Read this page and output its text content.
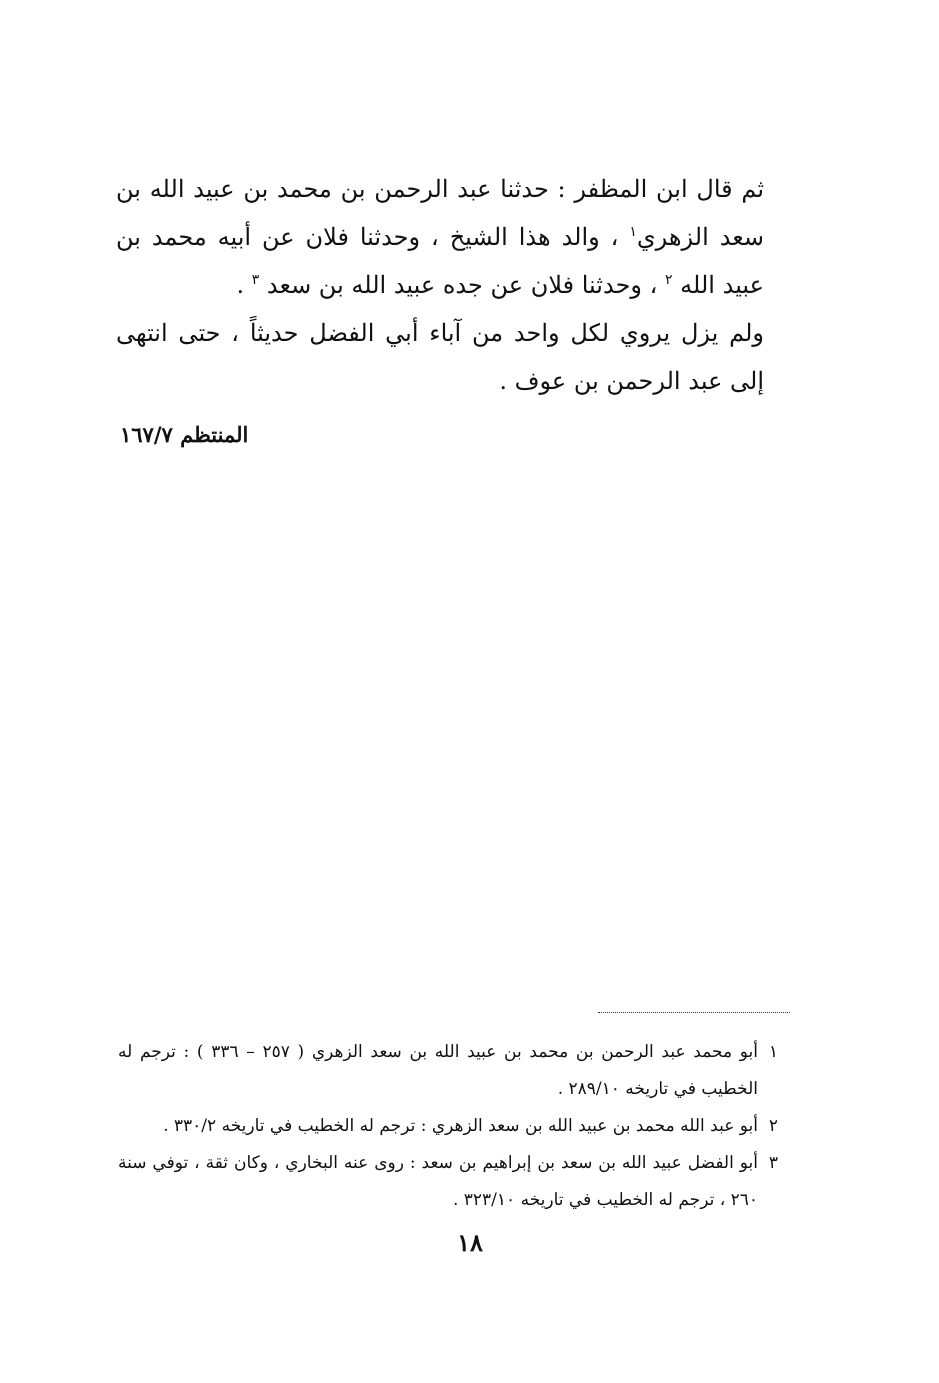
ثم قال ابن المظفر : حدثنا عبد الرحمن بن محمد بن عبيد الله بن سعد الزهري$^١$ ، والد هذا الشيخ ، وحدثنا فلان عن أبيه محمد بن عبيد الله $^٢$ ، وحدثنا فلان عن جده عبيد الله بن سعد $^٣$ .

ولم يزل يروي لكل واحد من آباء أبي الفضل حديثاً ، حتى انتهى إلى عبد الرحمن بن عوف .

المنتظم ١٦٧/٧
١
أبو محمد عبد الرحمن بن محمد بن عبيد الله بن سعد الزهري ( ٢٥٧ – ٣٣٦ ) : ترجم له الخطيب في تاريخه ٢٨٩/١٠ .
٢
أبو عبد الله محمد بن عبيد الله بن سعد الزهري : ترجم له الخطيب في تاريخه ٣٣٠/٢ .
٣
أبو الفضل عبيد الله بن سعد بن إبراهيم بن سعد : روى عنه البخاري ، وكان ثقة ، توفي سنة ٢٦٠ ، ترجم له الخطيب في تاريخه ٣٢٣/١٠ .
١٨
